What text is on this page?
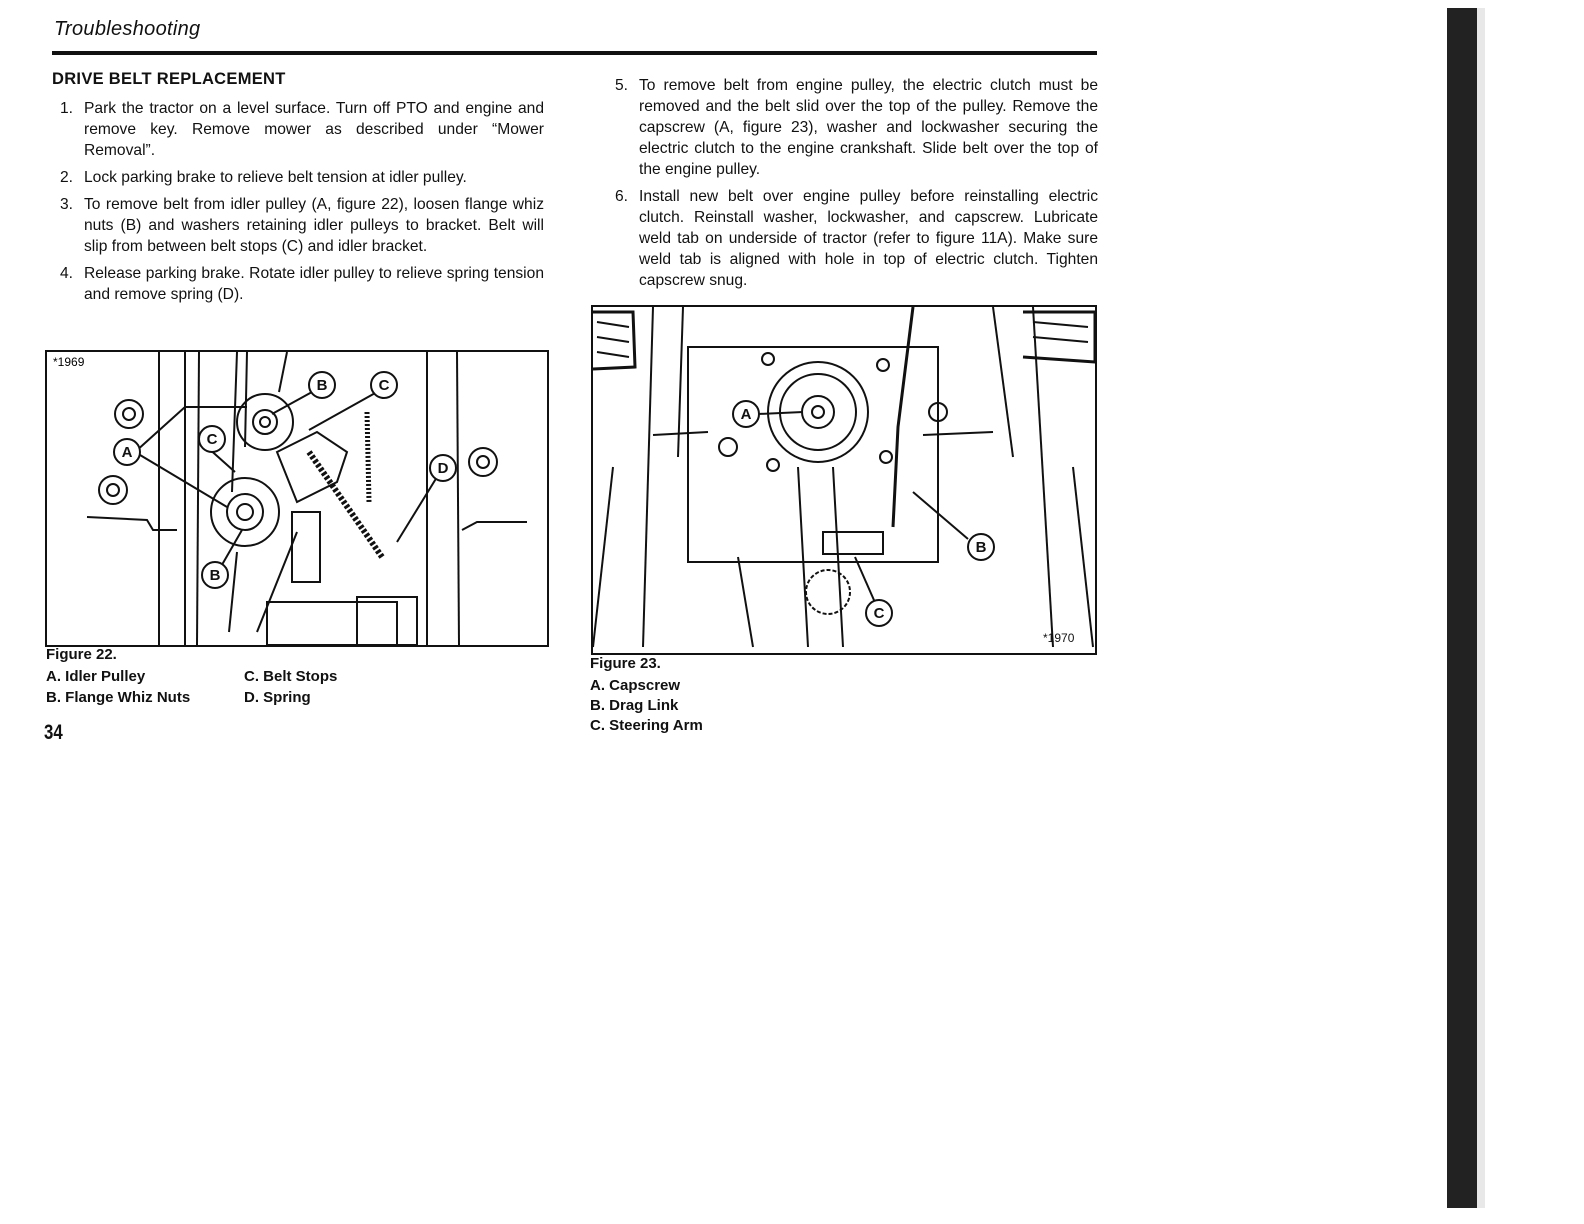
Troubleshooting
DRIVE BELT REPLACEMENT
1. Park the tractor on a level surface. Turn off PTO and engine and remove key. Remove mower as described under “Mower Removal”.
2. Lock parking brake to relieve belt tension at idler pulley.
3. To remove belt from idler pulley (A, figure 22), loosen flange whiz nuts (B) and washers retaining idler pulleys to bracket. Belt will slip from between belt stops (C) and idler bracket.
4. Release parking brake. Rotate idler pulley to relieve spring tension and remove spring (D).
5. To remove belt from engine pulley, the electric clutch must be removed and the belt slid over the top of the pulley. Remove the capscrew (A, figure 23), washer and lockwasher securing the electric clutch to the engine crankshaft. Slide belt over the top of the engine pulley.
6. Install new belt over engine pulley before reinstalling electric clutch. Reinstall washer, lockwasher, and capscrew. Lubricate weld tab on underside of tractor (refer to figure 11A). Make sure weld tab is aligned with hole in top of electric clutch. Tighten capscrew snug.
*1969
A
B	C
C
D
B
Figure 22.
A. Idler Pulley
B. Flange Whiz Nuts
C. Belt Stops
D. Spring
A
B
C
*1970
Figure 23.
A. Capscrew
B. Drag Link
C. Steering Arm
34
